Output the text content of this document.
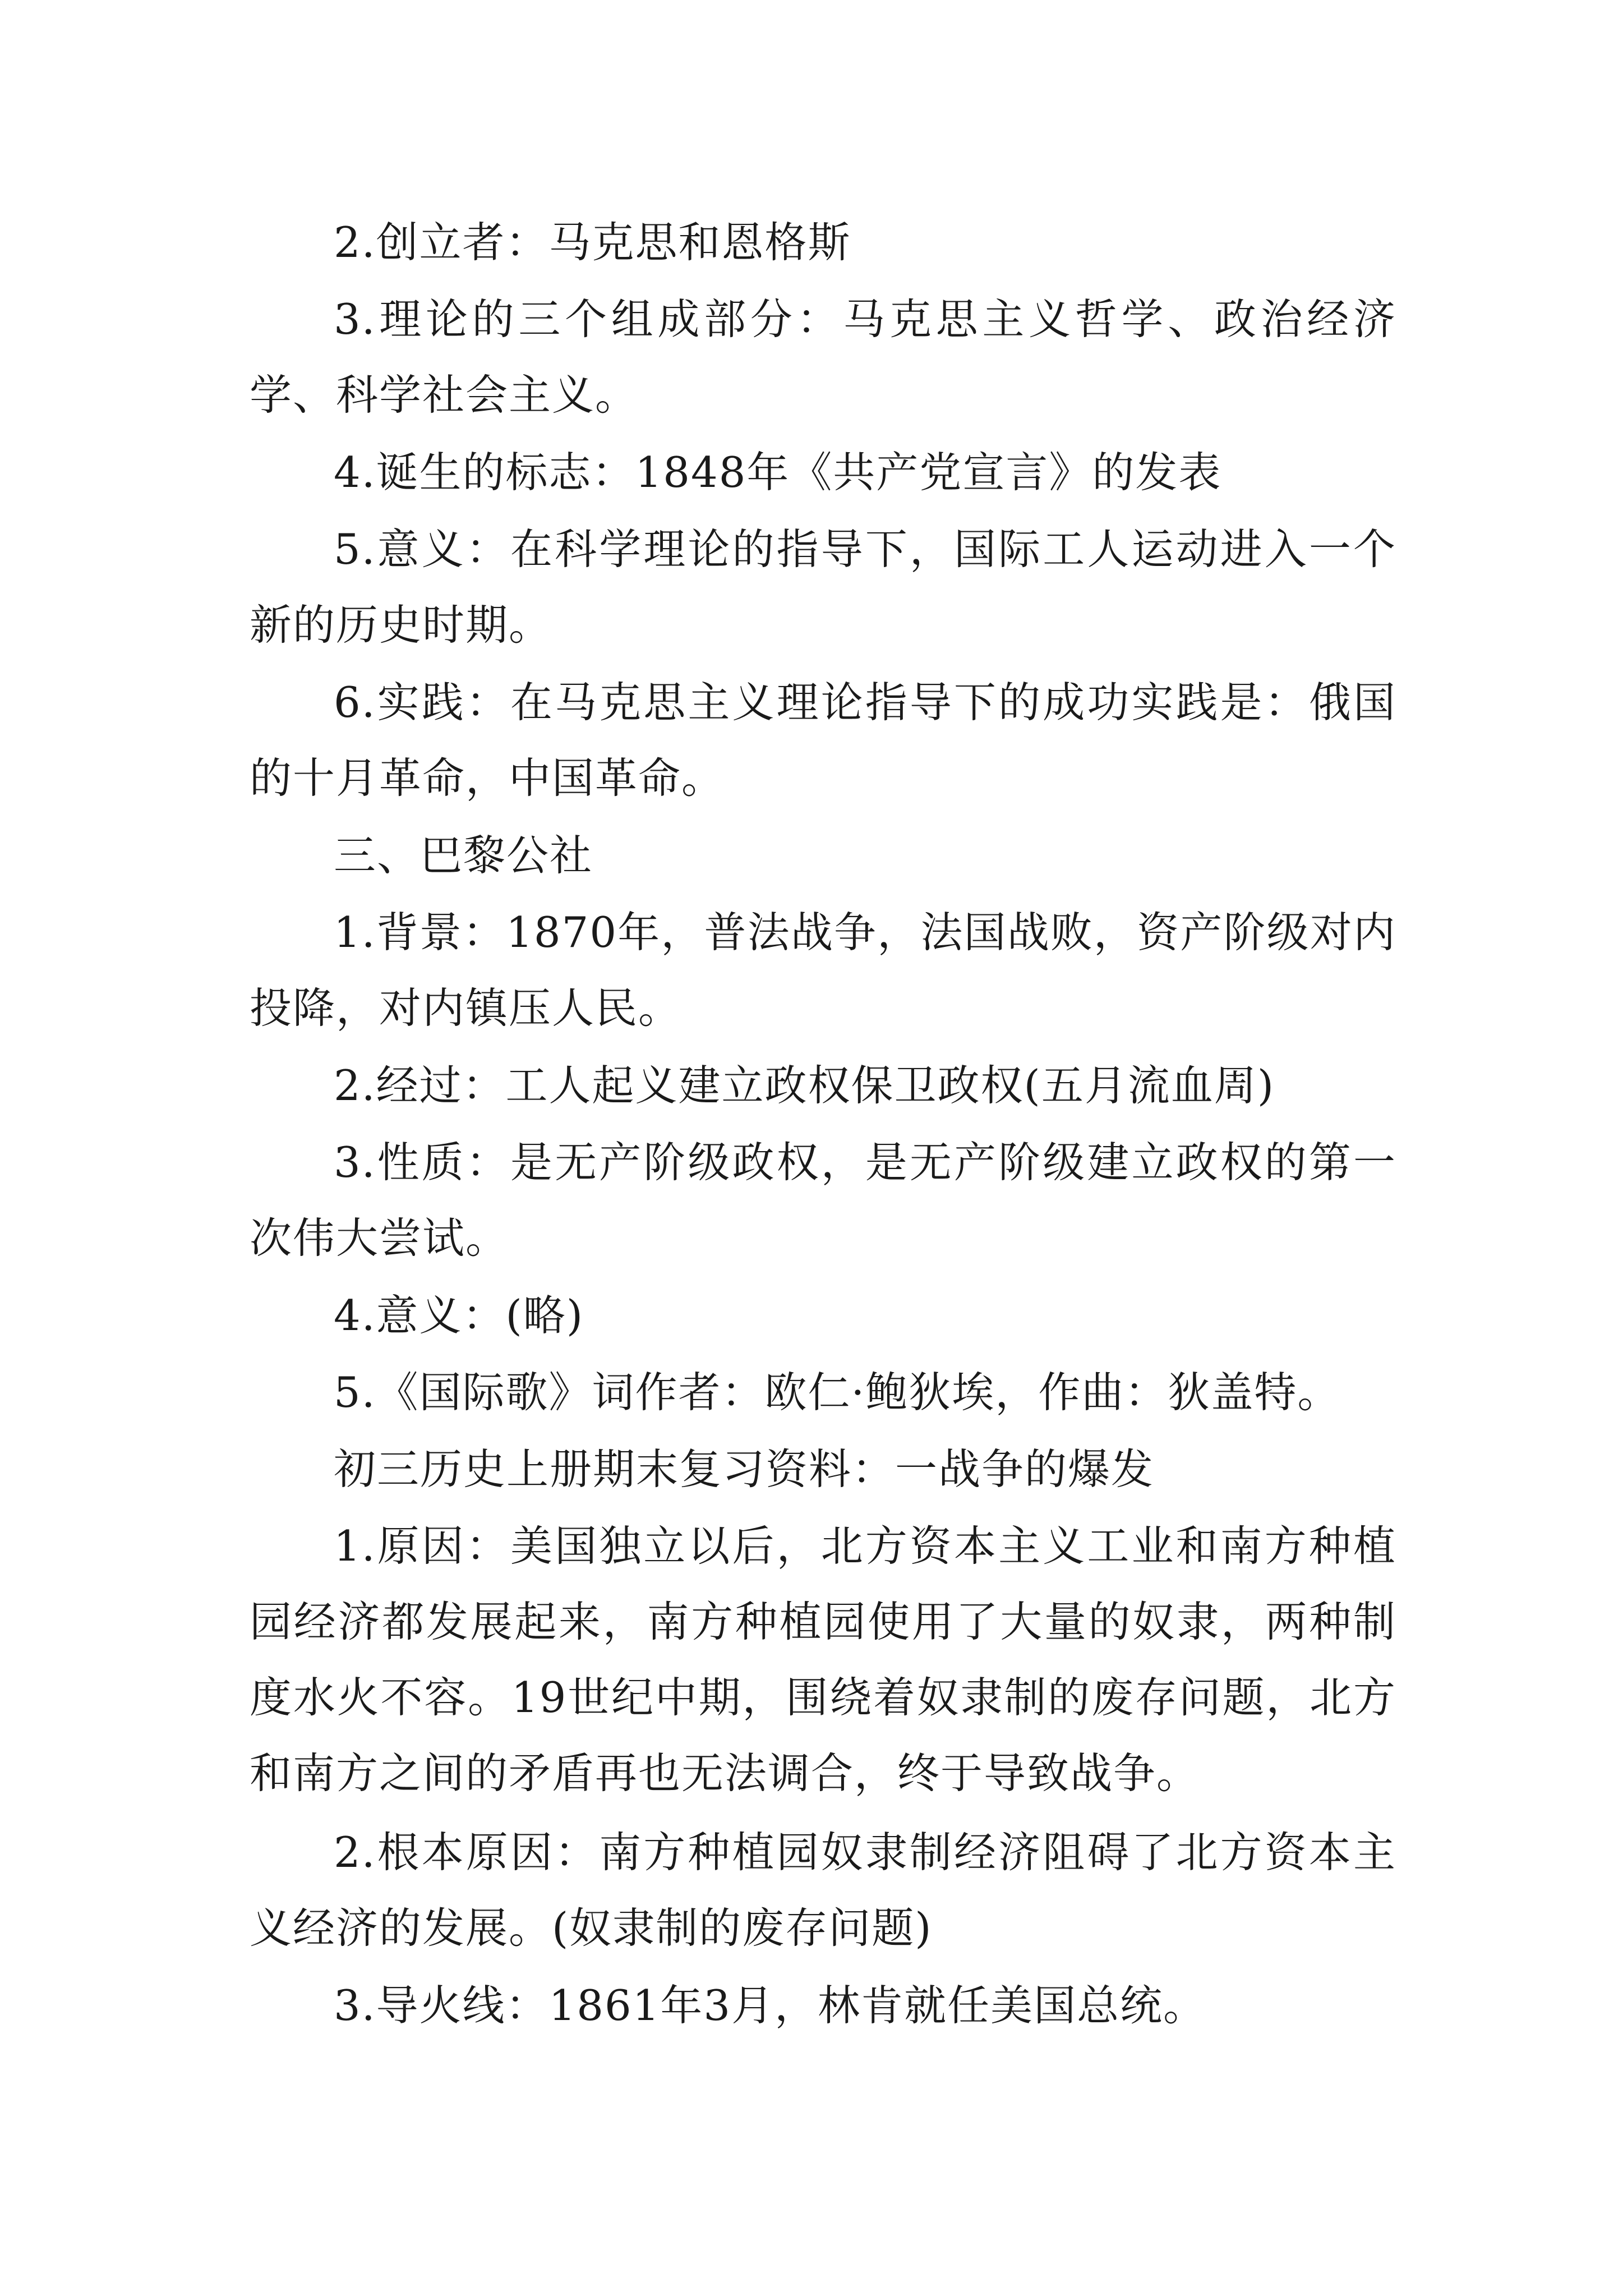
2.创立者：马克思和恩格斯

3.理论的三个组成部分：马克思主义哲学、政治经济学、科学社会主义。

4.诞生的标志：1848年《共产党宣言》的发表

5.意义：在科学理论的指导下，国际工人运动进入一个新的历史时期。

6.实践：在马克思主义理论指导下的成功实践是：俄国的十月革命，中国革命。

三、巴黎公社

1.背景：1870年，普法战争，法国战败，资产阶级对内投降，对内镇压人民。

2.经过：工人起义建立政权保卫政权(五月流血周)

3.性质：是无产阶级政权，是无产阶级建立政权的第一次伟大尝试。

4.意义：(略)

5.《国际歌》词作者：欧仁·鲍狄埃，作曲：狄盖特。

初三历史上册期末复习资料：一战争的爆发

1.原因：美国独立以后，北方资本主义工业和南方种植园经济都发展起来，南方种植园使用了大量的奴隶，两种制度水火不容。19世纪中期，围绕着奴隶制的废存问题，北方和南方之间的矛盾再也无法调合，终于导致战争。

2.根本原因：南方种植园奴隶制经济阻碍了北方资本主义经济的发展。(奴隶制的废存问题)

3.导火线：1861年3月，林肯就任美国总统。
